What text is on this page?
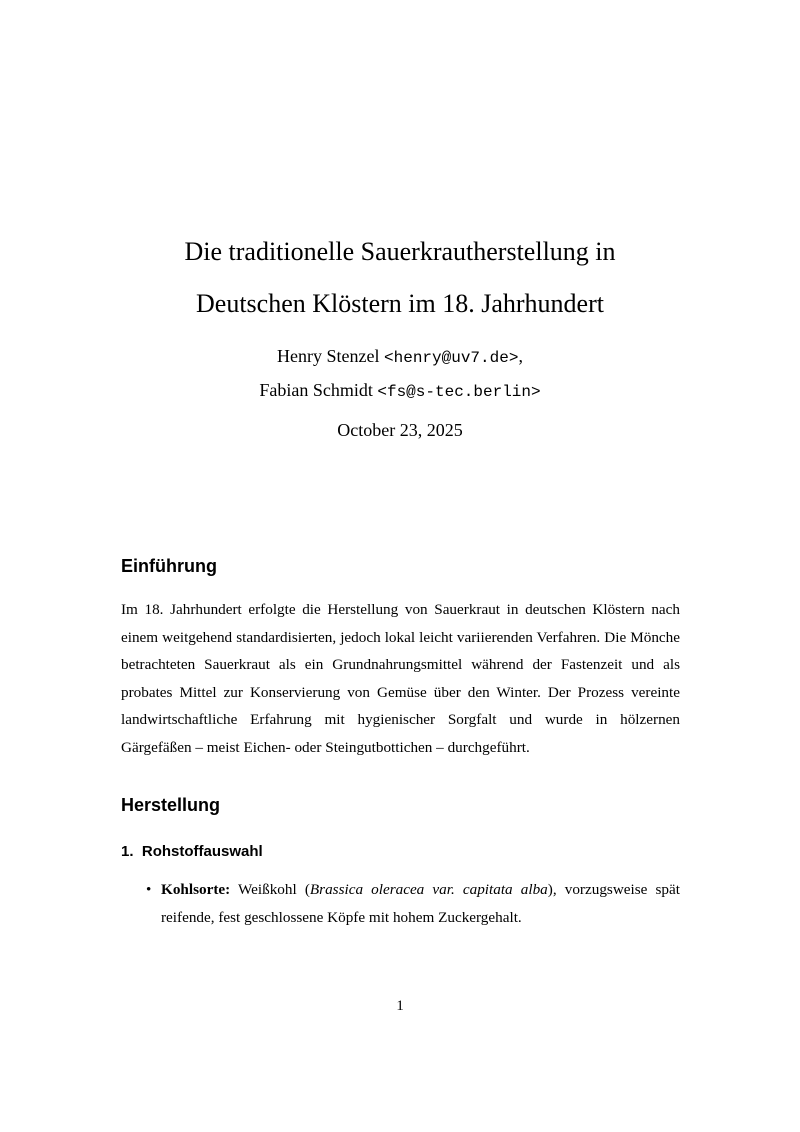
Die traditionelle Sauerkrautherstellung in
Deutschen Klöstern im 18. Jahrhundert
Henry Stenzel <henry@uv7.de>,
Fabian Schmidt <fs@s-tec.berlin>
October 23, 2025
Einführung
Im 18. Jahrhundert erfolgte die Herstellung von Sauerkraut in deutschen Klöstern nach einem weitgehend standardisierten, jedoch lokal leicht variierenden Verfahren. Die Mönche betrachteten Sauerkraut als ein Grundnahrungsmittel während der Fastenzeit und als probates Mittel zur Konservierung von Gemüse über den Winter. Der Prozess vereinte landwirtschaftliche Erfahrung mit hygienischer Sorgfalt und wurde in hölzernen Gärgefäßen – meist Eichen- oder Steingutbottichen – durchgeführt.
Herstellung
1. Rohstoffauswahl
• Kohlsorte: Weißkohl (Brassica oleracea var. capitata alba), vorzugsweise spät reifende, fest geschlossene Köpfe mit hohem Zuckergehalt.
1
